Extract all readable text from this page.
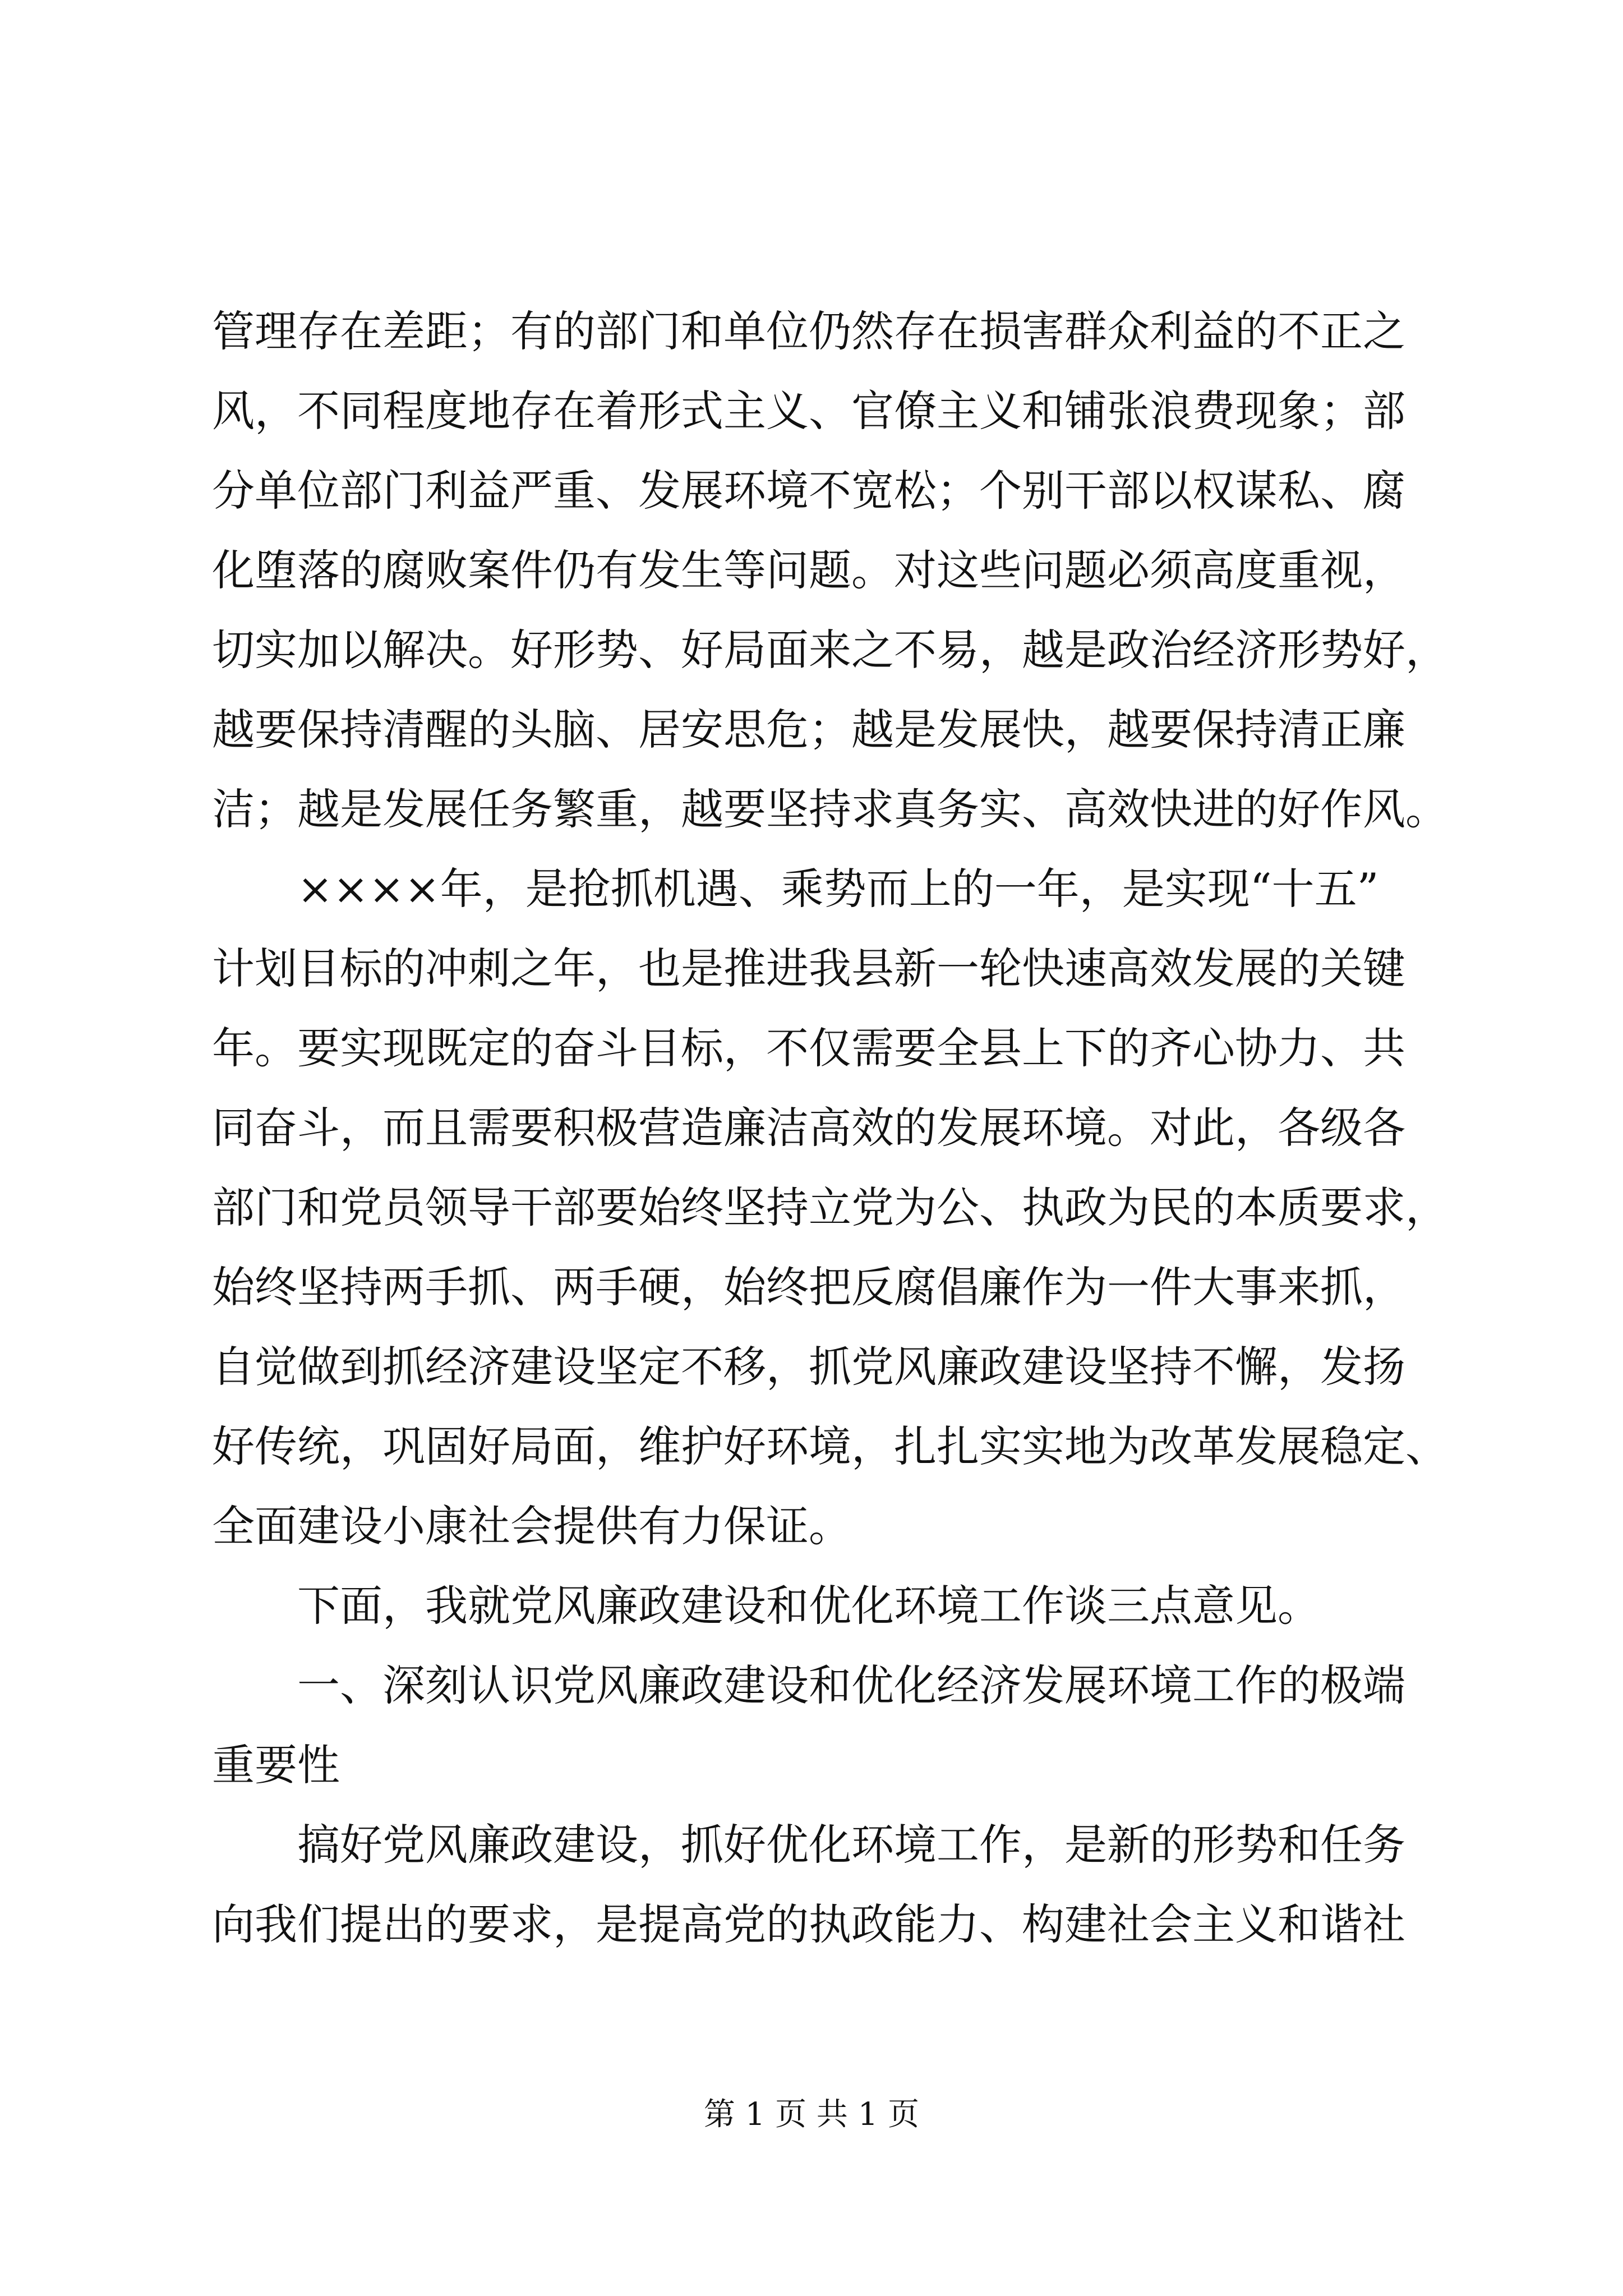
管理存在差距；有的部门和单位仍然存在损害群众利益的不正之
风，不同程度地存在着形式主义、官僚主义和铺张浪费现象；部
分单位部门利益严重、发展环境不宽松；个别干部以权谋私、腐
化堕落的腐败案件仍有发生等问题。对这些问题必须高度重视，
切实加以解决。好形势、好局面来之不易，越是政治经济形势好，
越要保持清醒的头脑、居安思危；越是发展快，越要保持清正廉
洁；越是发展任务繁重，越要坚持求真务实、高效快进的好作风。
　　××××年，是抢抓机遇、乘势而上的一年，是实现“十五”
计划目标的冲刺之年，也是推进我县新一轮快速高效发展的关键
年。要实现既定的奋斗目标，不仅需要全县上下的齐心协力、共
同奋斗，而且需要积极营造廉洁高效的发展环境。对此，各级各
部门和党员领导干部要始终坚持立党为公、执政为民的本质要求，
始终坚持两手抓、两手硬，始终把反腐倡廉作为一件大事来抓，
自觉做到抓经济建设坚定不移，抓党风廉政建设坚持不懈，发扬
好传统，巩固好局面，维护好环境，扎扎实实地为改革发展稳定、
全面建设小康社会提供有力保证。
　　下面，我就党风廉政建设和优化环境工作谈三点意见。
　　一、深刻认识党风廉政建设和优化经济发展环境工作的极端
重要性
　　搞好党风廉政建设，抓好优化环境工作，是新的形势和任务
向我们提出的要求，是提高党的执政能力、构建社会主义和谐社
第 1 页 共 1 页
